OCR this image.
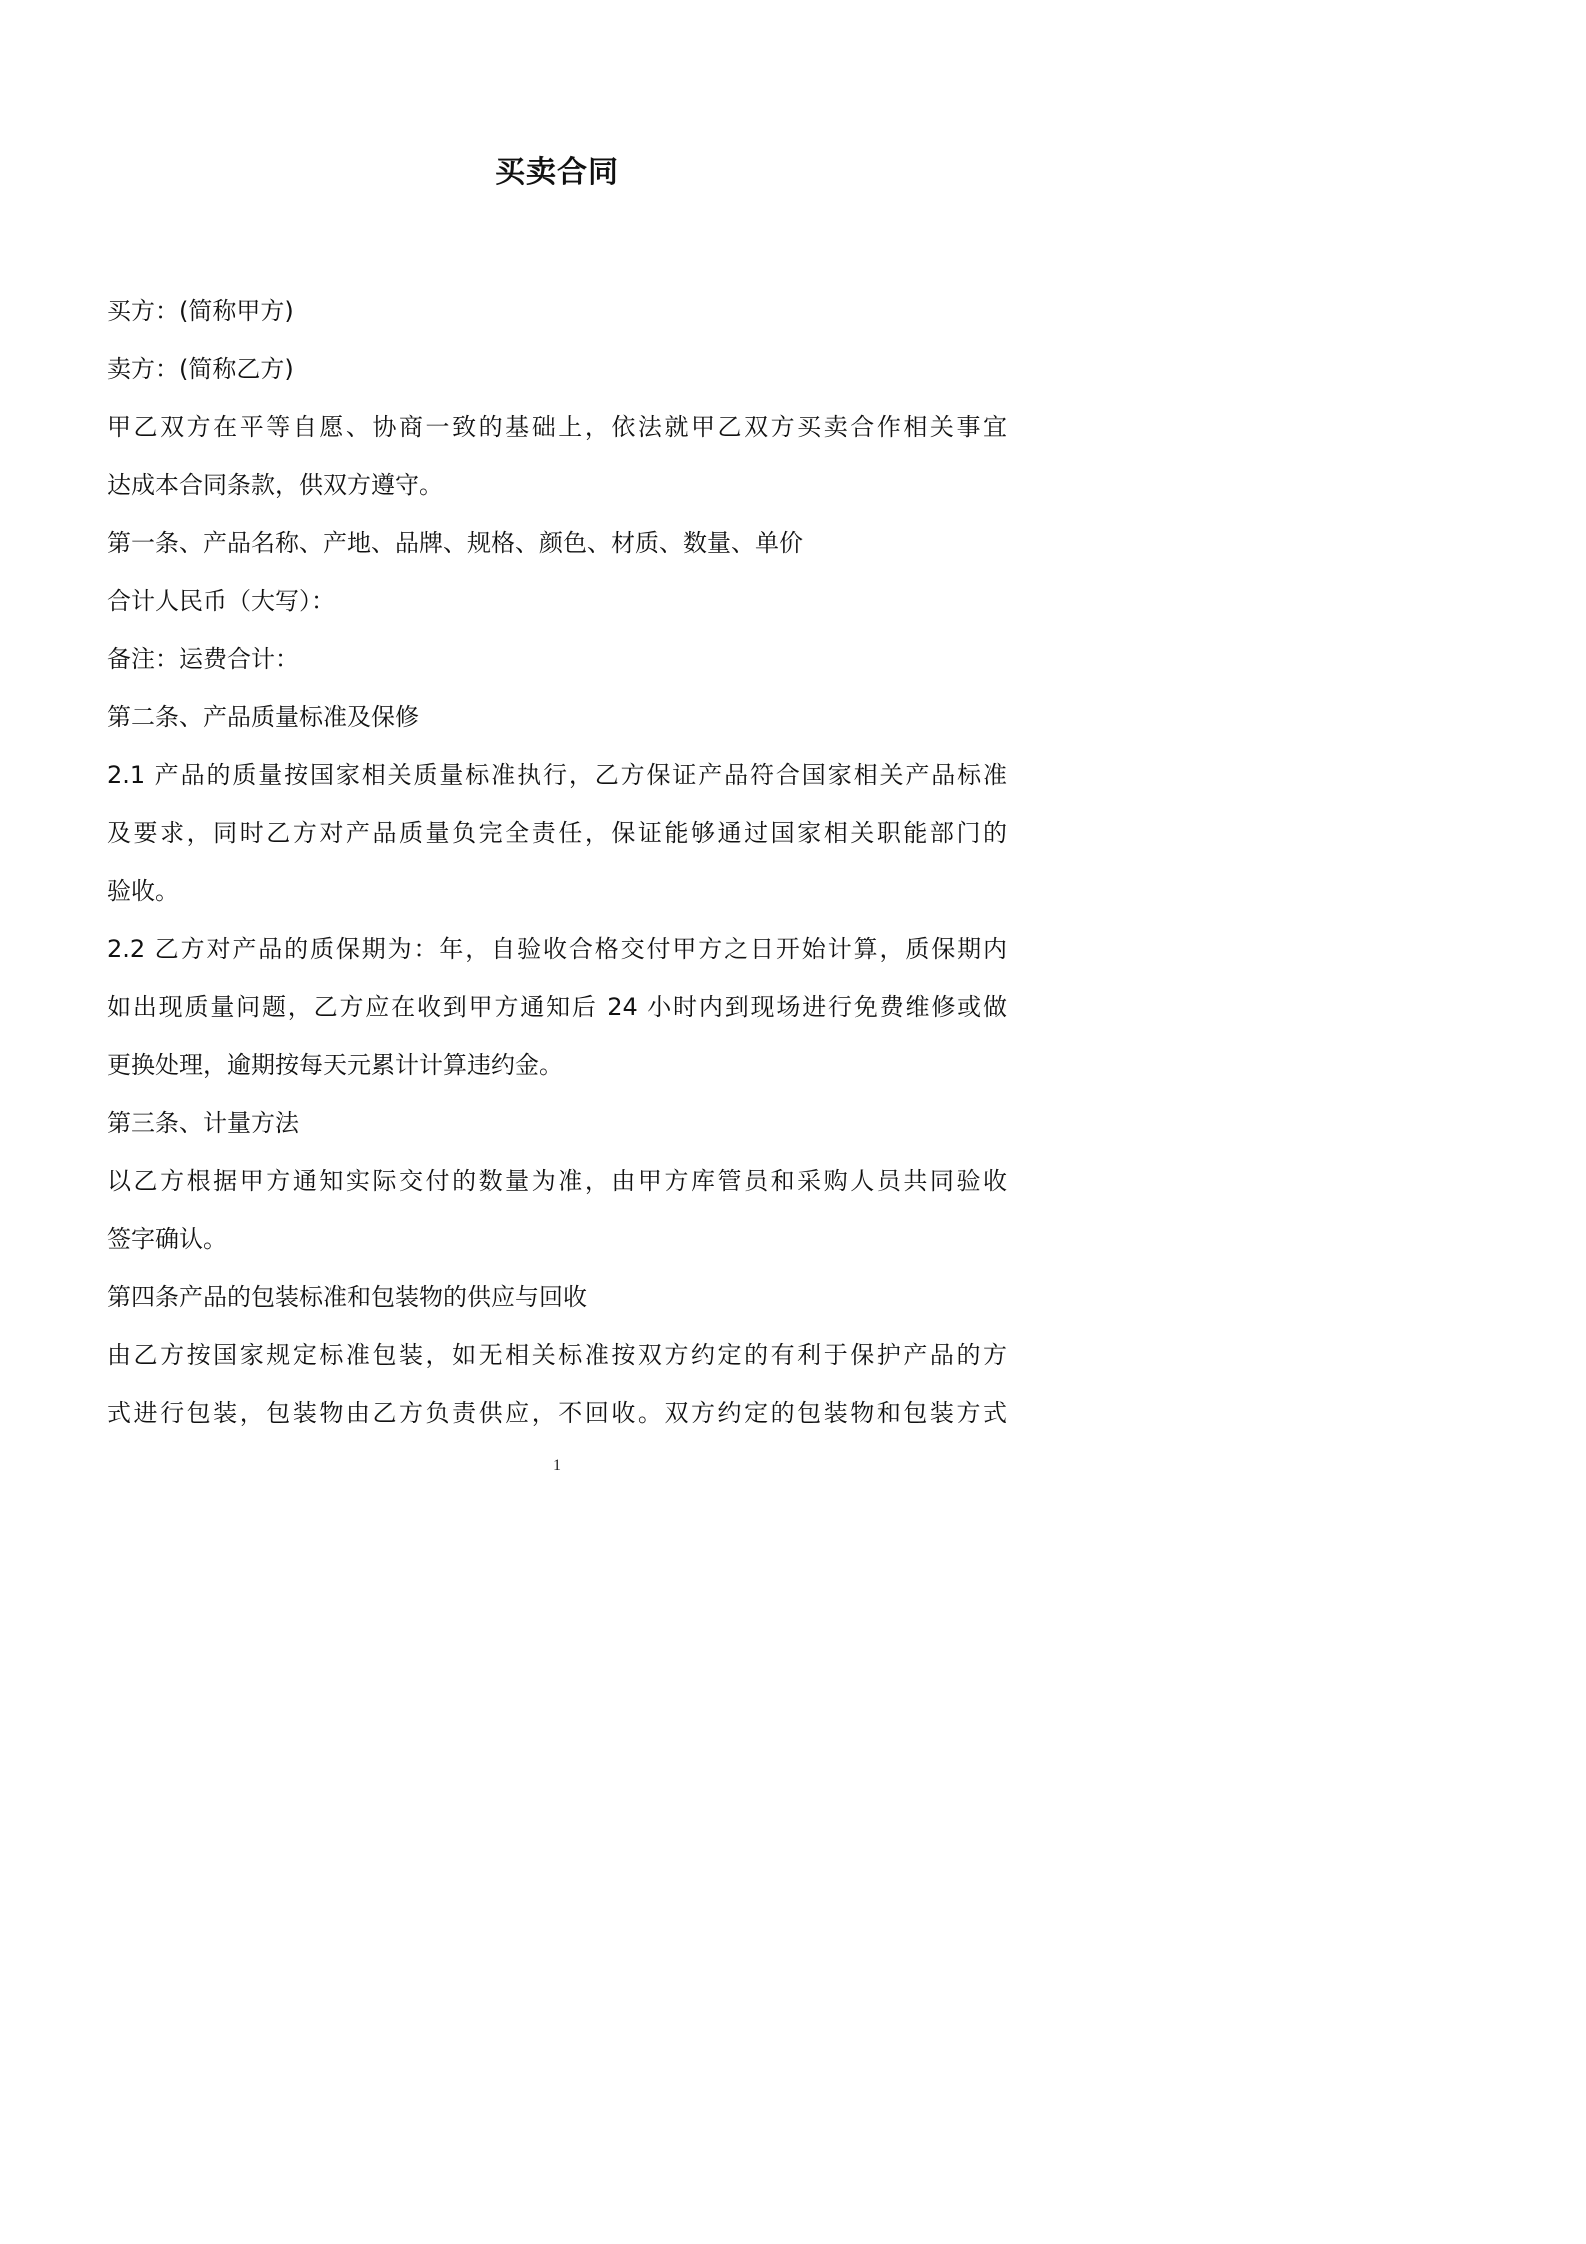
买卖合同
买方：(简称甲方)
卖方：(简称乙方)
甲乙双方在平等自愿、协商一致的基础上，依法就甲乙双方买卖合作相关事宜
达成本合同条款，供双方遵守。
第一条、产品名称、产地、品牌、规格、颜色、材质、数量、单价
合计人民币（大写）：
备注：运费合计：
第二条、产品质量标准及保修
2.1 产品的质量按国家相关质量标准执行，乙方保证产品符合国家相关产品标准
及要求，同时乙方对产品质量负完全责任，保证能够通过国家相关职能部门的
验收。
2.2 乙方对产品的质保期为：年，自验收合格交付甲方之日开始计算，质保期内
如出现质量问题，乙方应在收到甲方通知后 24 小时内到现场进行免费维修或做
更换处理，逾期按每天元累计计算违约金。
第三条、计量方法
以乙方根据甲方通知实际交付的数量为准，由甲方库管员和采购人员共同验收
签字确认。
第四条产品的包装标准和包装物的供应与回收
由乙方按国家规定标准包装，如无相关标准按双方约定的有利于保护产品的方
式进行包装，包装物由乙方负责供应，不回收。双方约定的包装物和包装方式
1
